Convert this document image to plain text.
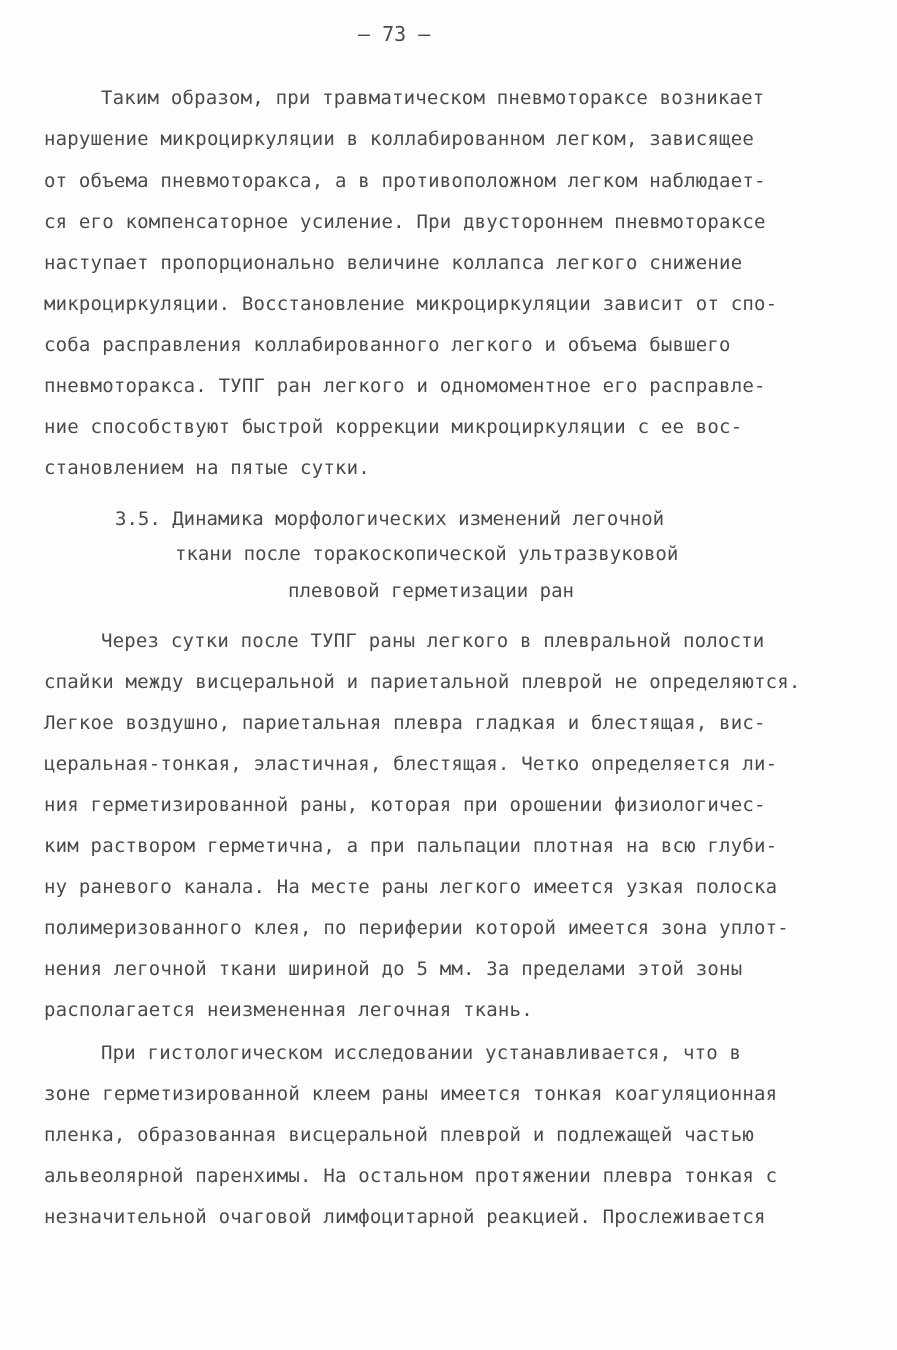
– 73 –
Таким образом, при травматическом пневмотораксе возникает
нарушение микроциркуляции в коллабированном легком, зависящее
от объема пневмоторакса, а в противоположном легком наблюдает-
ся его компенсаторное усиление. При двустороннем пневмотораксе
наступает пропорционально величине коллапса легкого снижение
микроциркуляции. Восстановление микроциркуляции зависит от спо-
соба расправления коллабированного легкого и объема бывшего
пневмоторакса. ТУПГ ран легкого и одномоментное его расправле-
ние способствуют быстрой коррекции микроциркуляции с ее вос-
становлением на пятые сутки.
3.5. Динамика морфологических изменений легочной
ткани после торакоскопической ультразвуковой
плевовой герметизации ран
Через сутки после ТУПГ раны легкого в плевральной полости
спайки между висцеральной и париетальной плеврой не определяются.
Легкое воздушно, париетальная плевра гладкая и блестящая, вис-
церальная-тонкая, эластичная, блестящая. Четко определяется ли-
ния герметизированной раны, которая при орошении физиологичес-
ким раствором герметична, а при пальпации плотная на всю глуби-
ну раневого канала. На месте раны легкого имеется узкая полоска
полимеризованного клея, по периферии которой имеется зона уплот-
нения легочной ткани шириной до 5 мм. За пределами этой зоны
располагается неизмененная легочная ткань.
При гистологическом исследовании устанавливается, что в
зоне герметизированной клеем раны имеется тонкая коагуляционная
пленка, образованная висцеральной плеврой и подлежащей частью
альвеолярной паренхимы. На остальном протяжении плевра тонкая с
незначительной очаговой лимфоцитарной реакцией. Прослеживается
